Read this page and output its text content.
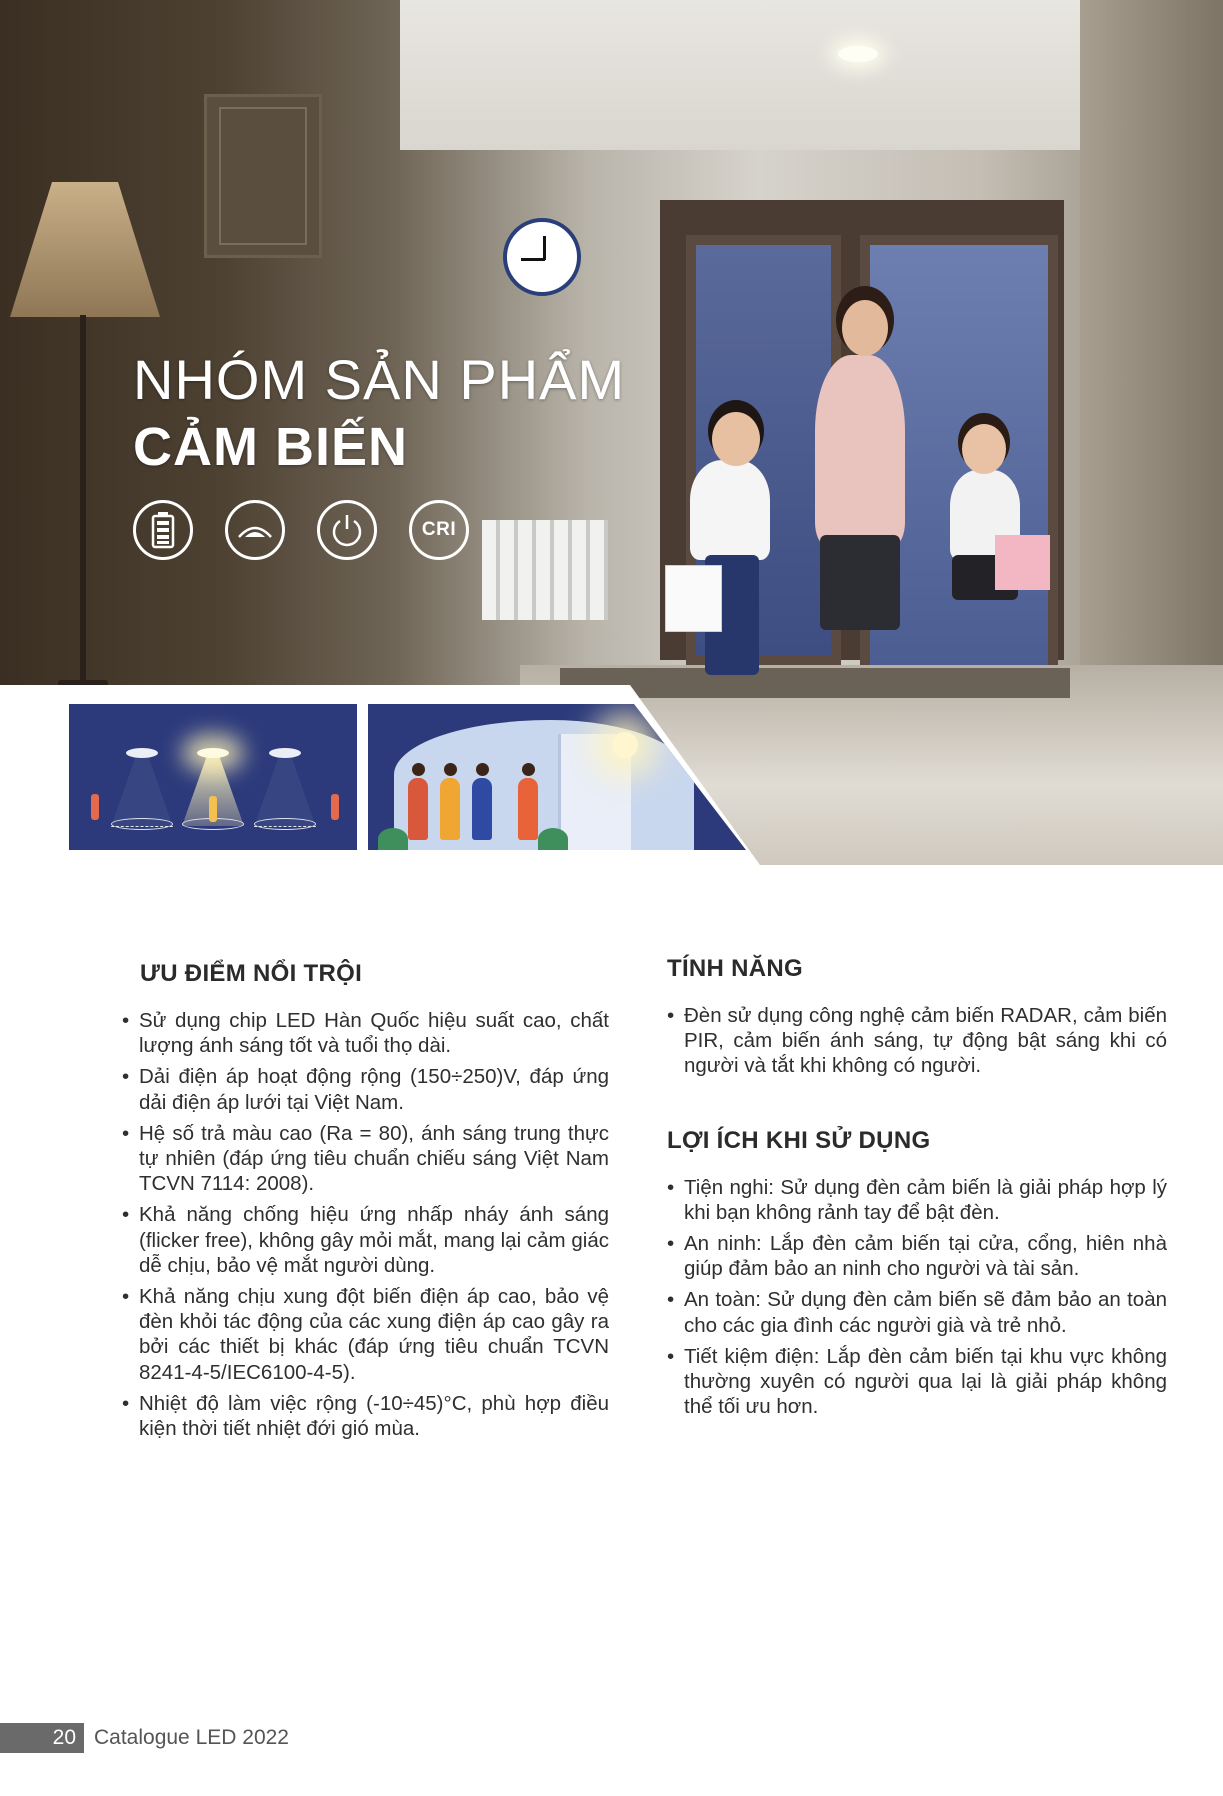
NHÓM SẢN PHẨM
CẢM BIẾN
CRI
ƯU ĐIỂM NỔI TRỘI
• Sử dụng chip LED Hàn Quốc hiệu suất cao, chất lượng ánh sáng tốt và tuổi thọ dài.
• Dải điện áp hoạt động rộng (150÷250)V, đáp ứng dải điện áp lưới tại Việt Nam.
• Hệ số trả màu cao (Ra = 80), ánh sáng trung thực tự nhiên (đáp ứng tiêu chuẩn chiếu sáng Việt Nam TCVN 7114: 2008).
• Khả năng chống hiệu ứng nhấp nháy ánh sáng (flicker free), không gây mỏi mắt, mang lại cảm giác dễ chịu, bảo vệ mắt người dùng.
• Khả năng chịu xung đột biến điện áp cao, bảo vệ đèn khỏi tác động của các xung điện áp cao gây ra bởi các thiết bị khác (đáp ứng tiêu chuẩn TCVN 8241-4-5/IEC6100-4-5).
• Nhiệt độ làm việc rộng (-10÷45)°C, phù hợp điều kiện thời tiết nhiệt đới gió mùa.
TÍNH NĂNG
• Đèn sử dụng công nghệ cảm biến RADAR, cảm biến PIR, cảm biến ánh sáng, tự động bật sáng khi có người và tắt khi không có người.
LỢI ÍCH KHI SỬ DỤNG
• Tiện nghi: Sử dụng đèn cảm biến là giải pháp hợp lý khi bạn không rảnh tay để bật đèn.
• An ninh: Lắp đèn cảm biến tại cửa, cổng, hiên nhà giúp đảm bảo an ninh cho người và tài sản.
• An toàn: Sử dụng đèn cảm biến sẽ đảm bảo an toàn cho các gia đình các người già và trẻ nhỏ.
• Tiết kiệm điện: Lắp đèn cảm biến tại khu vực không thường xuyên có người qua lại là giải pháp không thể tối ưu hơn.
20 Catalogue LED 2022
